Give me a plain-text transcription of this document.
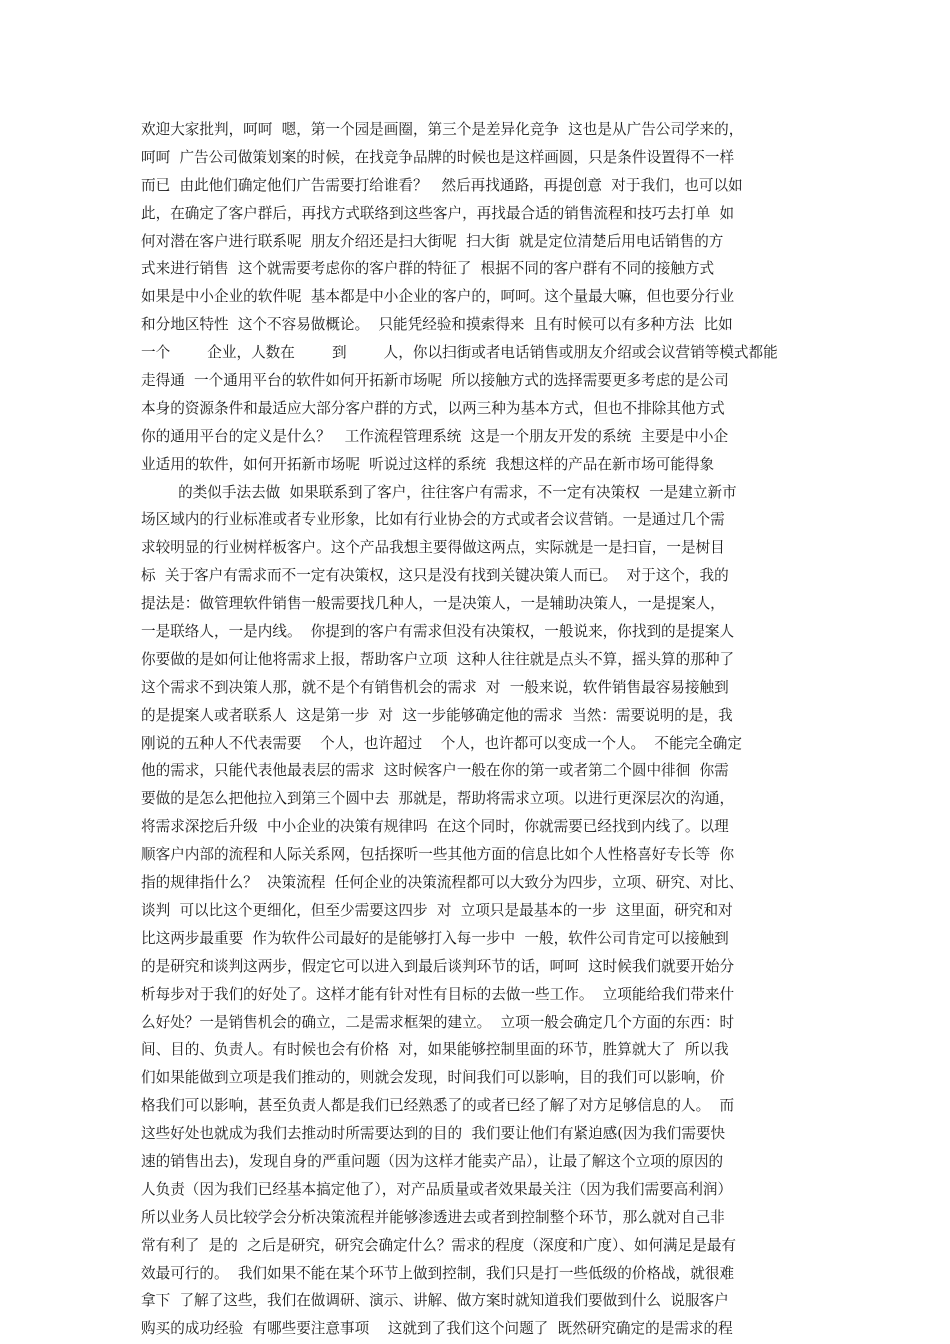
欢迎大家批判，呵呵  嗯，第一个园是画圈，第三个是差异化竞争  这也是从广告公司学来的，
呵呵  广告公司做策划案的时候，在找竞争品牌的时候也是这样画圆，只是条件设置得不一样
而已  由此他们确定他们广告需要打给谁看？   然后再找通路，再提创意  对于我们，也可以如
此，在确定了客户群后，再找方式联络到这些客户，再找最合适的销售流程和技巧去打单  如
何对潜在客户进行联系呢  朋友介绍还是扫大街呢  扫大街  就是定位清楚后用电话销售的方
式来进行销售  这个就需要考虑你的客户群的特征了  根据不同的客户群有不同的接触方式
如果是中小企业的软件呢  基本都是中小企业的客户的，呵呵。这个量最大嘛，但也要分行业
和分地区特性  这个不容易做概论。  只能凭经验和摸索得来  且有时候可以有多种方法  比如
一个        企业，人数在        到        人，你以扫街或者电话销售或朋友介绍或会议营销等模式都能
走得通  一个通用平台的软件如何开拓新市场呢  所以接触方式的选择需要更多考虑的是公司
本身的资源条件和最适应大部分客户群的方式，以两三种为基本方式，但也不排除其他方式
你的通用平台的定义是什么？   工作流程管理系统  这是一个朋友开发的系统  主要是中小企
业适用的软件，如何开拓新市场呢  听说过这样的系统  我想这样的产品在新市场可能得象
的类似手法去做  如果联系到了客户，往往客户有需求，不一定有决策权  一是建立新市
场区域内的行业标准或者专业形象，比如有行业协会的方式或者会议营销。一是通过几个需
求较明显的行业树样板客户。这个产品我想主要得做这两点，实际就是一是扫盲，一是树目
标  关于客户有需求而不一定有决策权，这只是没有找到关键决策人而已。  对于这个，我的
提法是：做管理软件销售一般需要找几种人，一是决策人，一是辅助决策人，一是提案人，
一是联络人，一是内线。  你提到的客户有需求但没有决策权，一般说来，你找到的是提案人
你要做的是如何让他将需求上报，帮助客户立项  这种人往往就是点头不算，摇头算的那种了
这个需求不到决策人那，就不是个有销售机会的需求  对  一般来说，软件销售最容易接触到
的是提案人或者联系人  这是第一步  对  这一步能够确定他的需求  当然：需要说明的是，我
刚说的五种人不代表需要    个人，也许超过    个人，也许都可以变成一个人。  不能完全确定
他的需求，只能代表他最表层的需求  这时候客户一般在你的第一或者第二个圆中徘徊  你需
要做的是怎么把他拉入到第三个圆中去  那就是，帮助将需求立项。以进行更深层次的沟通，
将需求深挖后升级  中小企业的决策有规律吗  在这个同时，你就需要已经找到内线了。以理
顺客户内部的流程和人际关系网，包括探听一些其他方面的信息比如个人性格喜好专长等  你
指的规律指什么？  决策流程  任何企业的决策流程都可以大致分为四步，立项、研究、对比、
谈判  可以比这个更细化，但至少需要这四步  对  立项只是最基本的一步  这里面，研究和对
比这两步最重要  作为软件公司最好的是能够打入每一步中  一般，软件公司肯定可以接触到
的是研究和谈判这两步，假定它可以进入到最后谈判环节的话，呵呵  这时候我们就要开始分
析每步对于我们的好处了。这样才能有针对性有目标的去做一些工作。  立项能给我们带来什
么好处？一是销售机会的确立，二是需求框架的建立。  立项一般会确定几个方面的东西：时
间、目的、负责人。有时候也会有价格  对，如果能够控制里面的环节，胜算就大了  所以我
们如果能做到立项是我们推动的，则就会发现，时间我们可以影响，目的我们可以影响，价
格我们可以影响，甚至负责人都是我们已经熟悉了的或者已经了解了对方足够信息的人。  而
这些好处也就成为我们去推动时所需要达到的目的  我们要让他们有紧迫感(因为我们需要快
速的销售出去)，发现自身的严重问题（因为这样才能卖产品），让最了解这个立项的原因的
人负责（因为我们已经基本搞定他了），对产品质量或者效果最关注（因为我们需要高利润）
所以业务人员比较学会分析决策流程并能够渗透进去或者到控制整个环节，那么就对自己非
常有利了  是的  之后是研究，研究会确定什么？需求的程度（深度和广度）、如何满足是最有
效最可行的。  我们如果不能在某个环节上做到控制，我们只是打一些低级的价格战，就很难
拿下  了解了这些，我们在做调研、演示、讲解、做方案时就知道我们要做到什么  说服客户
购买的成功经验  有哪些要注意事项    这就到了我们这个问题了  既然研究确定的是需求的程
